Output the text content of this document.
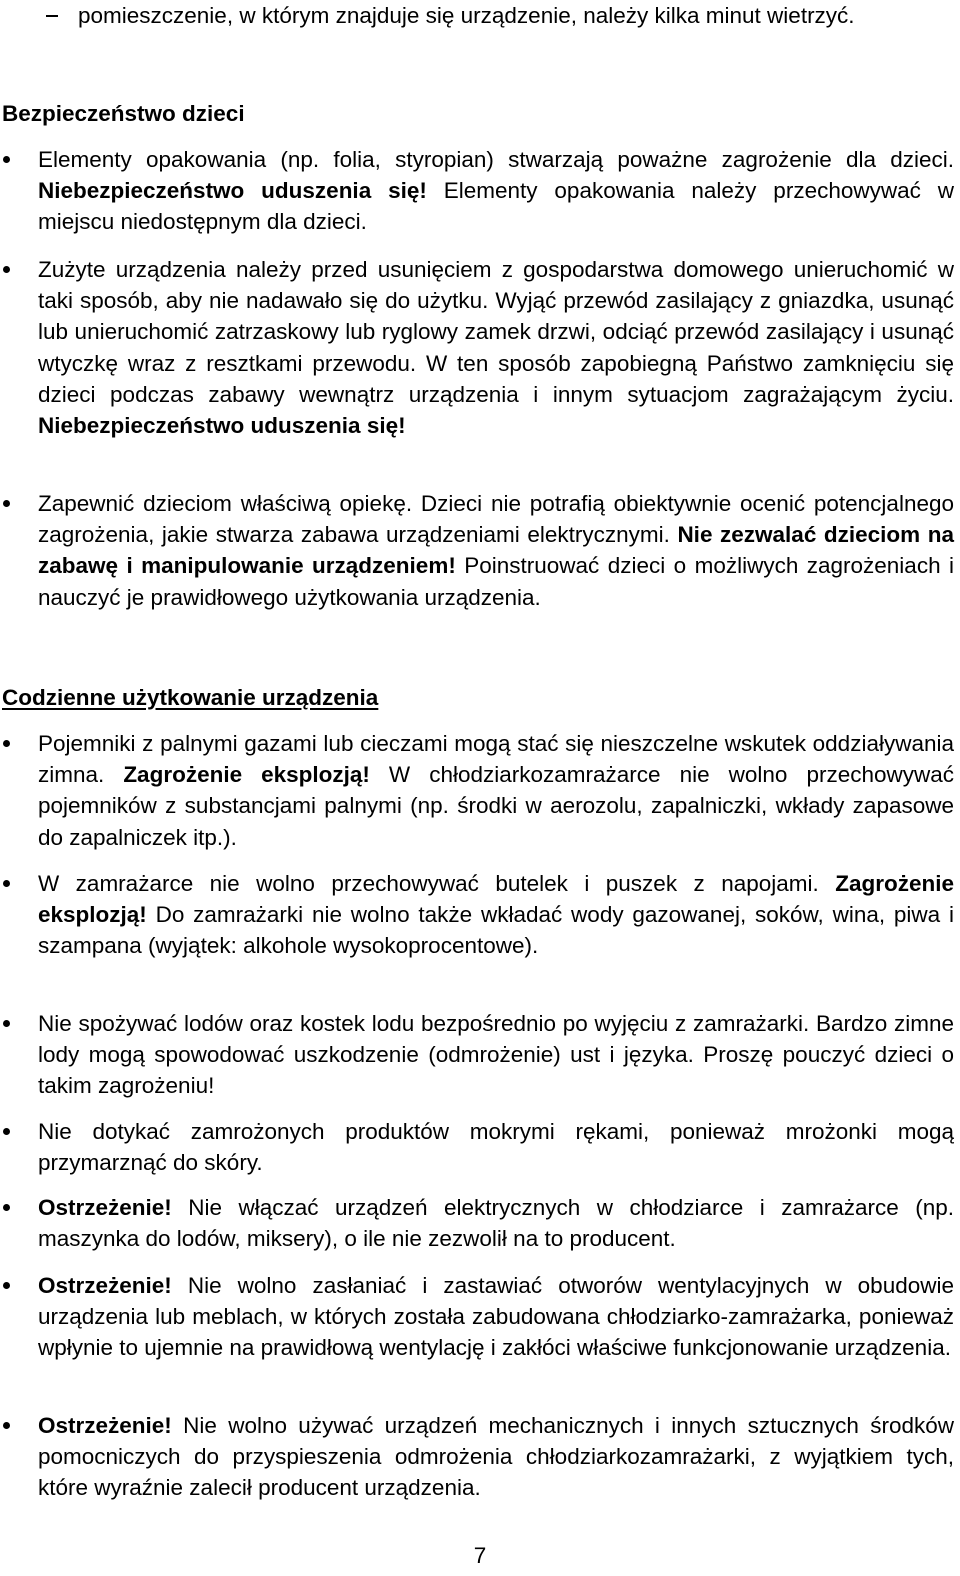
pomieszczenie, w którym znajduje się urządzenie, należy kilka minut wietrzyć.
Bezpieczeństwo dzieci
Elementy opakowania (np. folia, styropian) stwarzają poważne zagrożenie dla dzieci. Niebezpieczeństwo uduszenia się! Elementy opakowania należy przechowywać w miejscu niedostępnym dla dzieci.
Zużyte urządzenia należy przed usunięciem z gospodarstwa domowego unieruchomić w taki sposób, aby nie nadawało się do użytku. Wyjąć przewód zasilający z gniazdka, usunąć lub unieruchomić zatrzaskowy lub ryglowy zamek drzwi, odciąć przewód zasilający i usunąć wtyczkę wraz z resztkami przewodu. W ten sposób zapobiegną Państwo zamknięciu się dzieci podczas zabawy wewnątrz urządzenia i innym sytuacjom zagrażającym życiu. Niebezpieczeństwo uduszenia się!
Zapewnić dzieciom właściwą opiekę. Dzieci nie potrafią obiektywnie ocenić potencjalnego zagrożenia, jakie stwarza zabawa urządzeniami elektrycznymi. Nie zezwalać dzieciom na zabawę i manipulowanie urządzeniem! Poinstruować dzieci o możliwych zagrożeniach i nauczyć je prawidłowego użytkowania urządzenia.
Codzienne użytkowanie urządzenia
Pojemniki z palnymi gazami lub cieczami mogą stać się nieszczelne wskutek oddziaływania zimna. Zagrożenie eksplozją! W chłodziarkozamrażarce nie wolno przechowywać pojemników z substancjami palnymi (np. środki w aerozolu, zapalniczki, wkłady zapasowe do zapalniczek itp.).
W zamrażarce nie wolno przechowywać butelek i puszek z napojami. Zagrożenie eksplozją! Do zamrażarki nie wolno także wkładać wody gazowanej, soków, wina, piwa i szampana (wyjątek: alkohole wysokoprocentowe).
Nie spożywać lodów oraz kostek lodu bezpośrednio po wyjęciu z zamrażarki. Bardzo zimne lody mogą spowodować uszkodzenie (odmrożenie) ust i języka. Proszę pouczyć dzieci o takim zagrożeniu!
Nie dotykać zamrożonych produktów mokrymi rękami, ponieważ mrożonki mogą przymarznąć do skóry.
Ostrzeżenie! Nie włączać urządzeń elektrycznych w chłodziarce i zamrażarce (np. maszynka do lodów, miksery), o ile nie zezwolił na to producent.
Ostrzeżenie! Nie wolno zasłaniać i zastawiać otworów wentylacyjnych w obudowie urządzenia lub meblach, w których została zabudowana chłodziarko-zamrażarka, ponieważ wpłynie to ujemnie na prawidłową wentylację i zakłóci właściwe funkcjonowanie urządzenia.
Ostrzeżenie! Nie wolno używać urządzeń mechanicznych i innych sztucznych środków pomocniczych do przyspieszenia odmrożenia chłodziarkozamrażarki, z wyjątkiem tych, które wyraźnie zalecił producent urządzenia.
7
